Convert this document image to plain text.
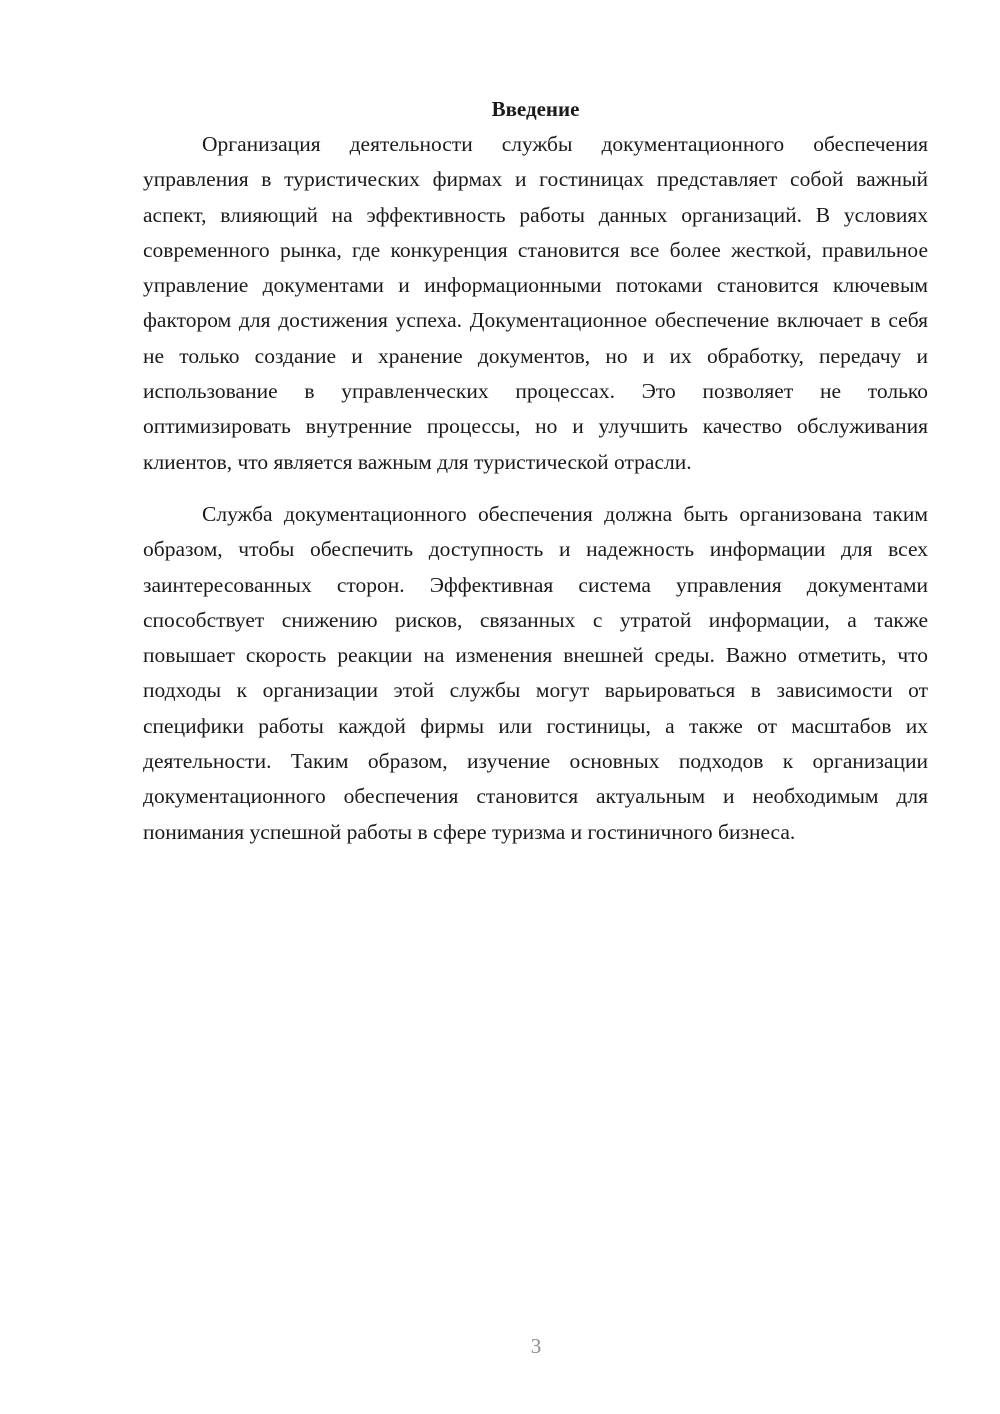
Введение

Организация деятельности службы документационного обеспечения управления в туристических фирмах и гостиницах представляет собой важный аспект, влияющий на эффективность работы данных организаций. В условиях современного рынка, где конкуренция становится все более жесткой, правильное управление документами и информационными потоками становится ключевым фактором для достижения успеха. Документационное обеспечение включает в себя не только создание и хранение документов, но и их обработку, передачу и использование в управленческих процессах. Это позволяет не только оптимизировать внутренние процессы, но и улучшить качество обслуживания клиентов, что является важным для туристической отрасли.

Служба документационного обеспечения должна быть организована таким образом, чтобы обеспечить доступность и надежность информации для всех заинтересованных сторон. Эффективная система управления документами способствует снижению рисков, связанных с утратой информации, а также повышает скорость реакции на изменения внешней среды. Важно отметить, что подходы к организации этой службы могут варьироваться в зависимости от специфики работы каждой фирмы или гостиницы, а также от масштабов их деятельности. Таким образом, изучение основных подходов к организации документационного обеспечения становится актуальным и необходимым для понимания успешной работы в сфере туризма и гостиничного бизнеса.

3
